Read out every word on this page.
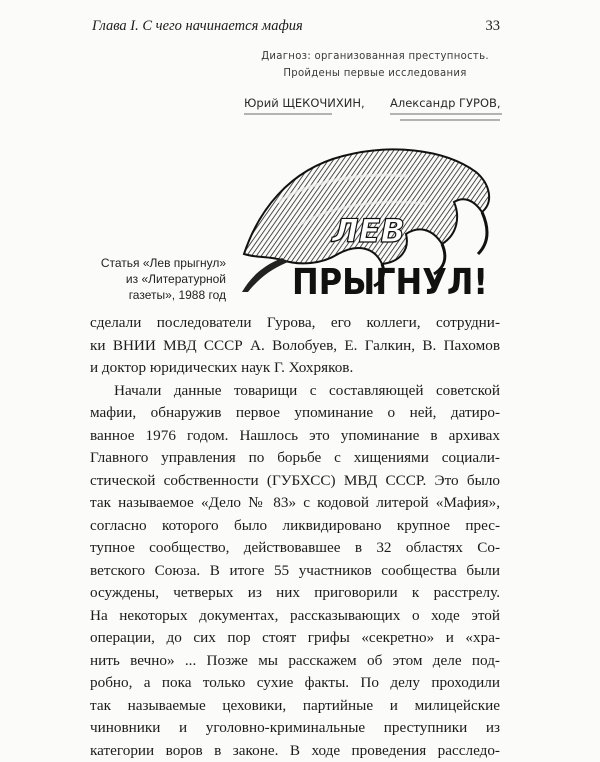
Глава I. С чего начинается мафия	33
Диагноз: организованная преступность.
Пройдены первые исследования
Юрий ЩЕКОЧИХИН, Александр ГУРОВ,
ЛЕВ
ПРЫГНУЛ!
Статья «Лев прыгнул»
из «Литературной
газеты», 1988 год
сделали последователи Гурова, его коллеги, сотрудни-
ки ВНИИ МВД СССР А. Волобуев, Е. Галкин, В. Пахомов
и доктор юридических наук Г. Хохряков.
Начали данные товарищи с составляющей советской
мафии, обнаружив первое упоминание о ней, датиро-
ванное 1976 годом. Нашлось это упоминание в архивах
Главного управления по борьбе с хищениями социали-
стической собственности (ГУБХСС) МВД СССР. Это было
так называемое «Дело № 83» с кодовой литерой «Мафия»,
согласно которого было ликвидировано крупное прес-
тупное сообщество, действовавшее в 32 областях Со-
ветского Союза. В итоге 55 участников сообщества были
осуждены, четверых из них приговорили к расстрелу.
На некоторых документах, рассказывающих о ходе этой
операции, до сих пор стоят грифы «секретно» и «хра-
нить вечно» ... Позже мы расскажем об этом деле под-
робно, а пока только сухие факты. По делу проходили
так называемые цеховики, партийные и милицейские
чиновники и уголовно-криминальные преступники из
категории воров в законе. В ходе проведения расследо-
